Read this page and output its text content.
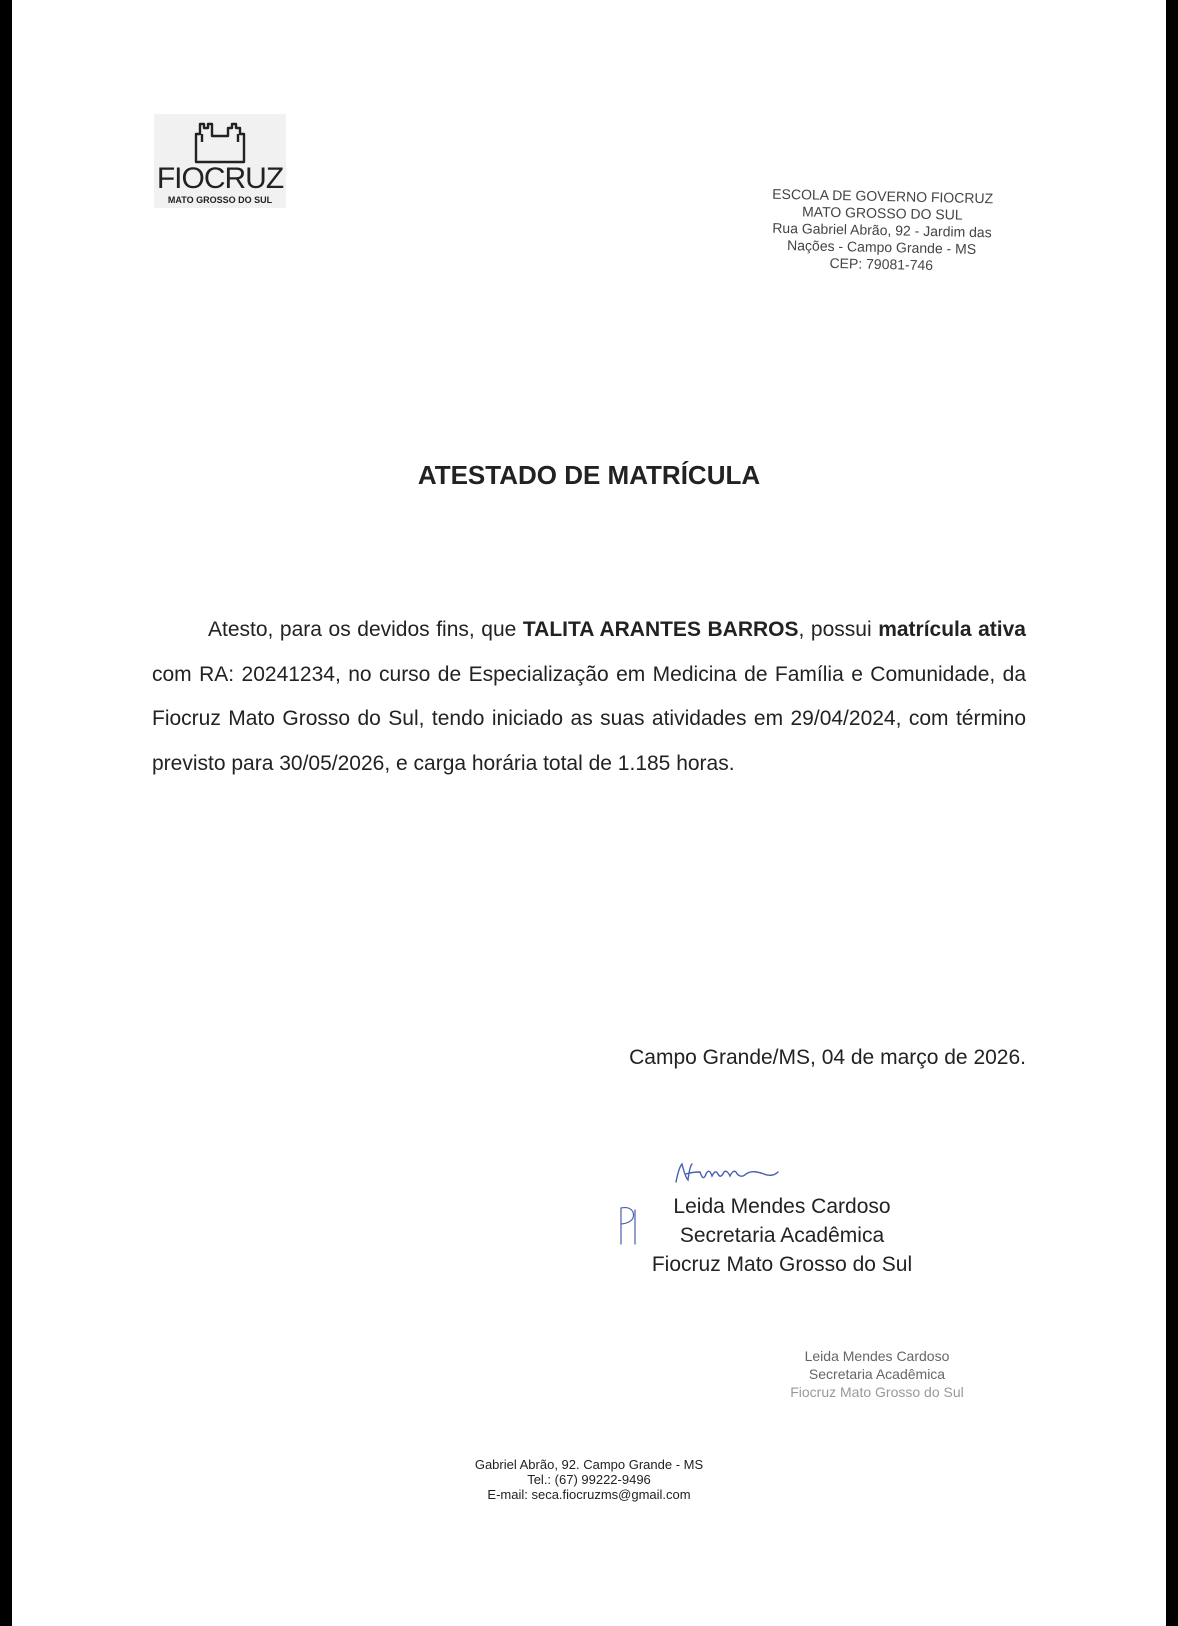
FIOCRUZ
MATO GROSSO DO SUL	ESCOLA DE GOVERNO FIOCRUZ
MATO GROSSO DO SUL
Rua Gabriel Abrão, 92 - Jardim das
Nações - Campo Grande - MS
CEP: 79081-746
ATESTADO DE MATRÍCULA
Atesto, para os devidos fins, que TALITA ARANTES BARROS, possui matrícula ativa com RA: 20241234, no curso de Especialização em Medicina de Família e Comunidade, da Fiocruz Mato Grosso do Sul, tendo iniciado as suas atividades em 29/04/2024, com término previsto para 30/05/2026, e carga horária total de 1.185 horas.
Campo Grande/MS, 04 de março de 2026.
Leida Mendes Cardoso
Secretaria Acadêmica
Fiocruz Mato Grosso do Sul
Leida Mendes Cardoso
Secretaria Acadêmica
Fiocruz Mato Grosso do Sul
Gabriel Abrão, 92. Campo Grande - MS
Tel.: (67) 99222-9496
E-mail: seca.fiocruzms@gmail.com
